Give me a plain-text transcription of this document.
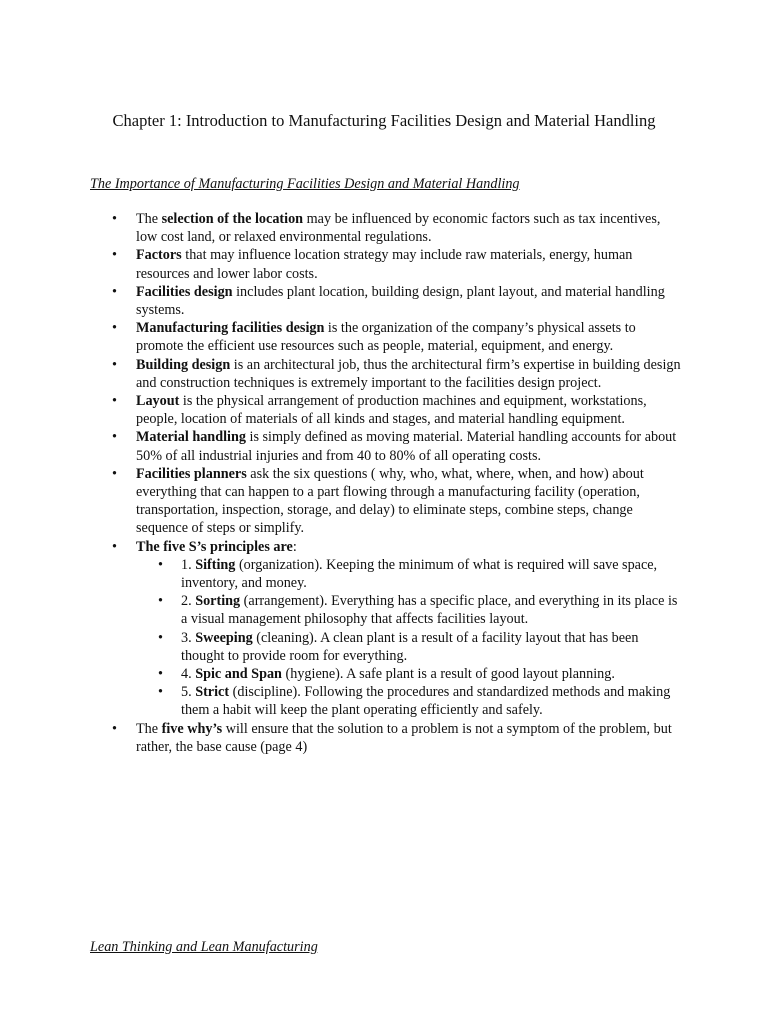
Chapter 1: Introduction to Manufacturing Facilities Design and Material Handling
The Importance of Manufacturing Facilities Design and Material Handling
• The selection of the location may be influenced by economic factors such as tax incentives, low cost land, or relaxed environmental regulations.
• Factors that may influence location strategy may include raw materials, energy, human resources and lower labor costs.
• Facilities design includes plant location, building design, plant layout, and material handling systems.
• Manufacturing facilities design is the organization of the company’s physical assets to promote the efficient use resources such as people, material, equipment, and energy.
• Building design is an architectural job, thus the architectural firm’s expertise in building design and construction techniques is extremely important to the facilities design project.
• Layout is the physical arrangement of production machines and equipment, workstations, people, location of materials of all kinds and stages, and material handling equipment.
• Material handling is simply defined as moving material. Material handling accounts for about 50% of all industrial injuries and from 40 to 80% of all operating costs.
• Facilities planners ask the six questions ( why, who, what, where, when, and how) about everything that can happen to a part flowing through a manufacturing facility (operation, transportation, inspection, storage, and delay) to eliminate steps, combine steps, change sequence of steps or simplify.
• The five S’s principles are:
• 1. Sifting (organization). Keeping the minimum of what is required will save space, inventory, and money.
• 2. Sorting (arrangement). Everything has a specific place, and everything in its place is a visual management philosophy that affects facilities layout.
• 3. Sweeping (cleaning). A clean plant is a result of a facility layout that has been thought to provide room for everything.
• 4. Spic and Span (hygiene). A safe plant is a result of good layout planning.
• 5. Strict (discipline). Following the procedures and standardized methods and making them a habit will keep the plant operating efficiently and safely.
• The five why’s will ensure that the solution to a problem is not a symptom of the problem, but rather, the base cause (page 4)
Lean Thinking and Lean Manufacturing
